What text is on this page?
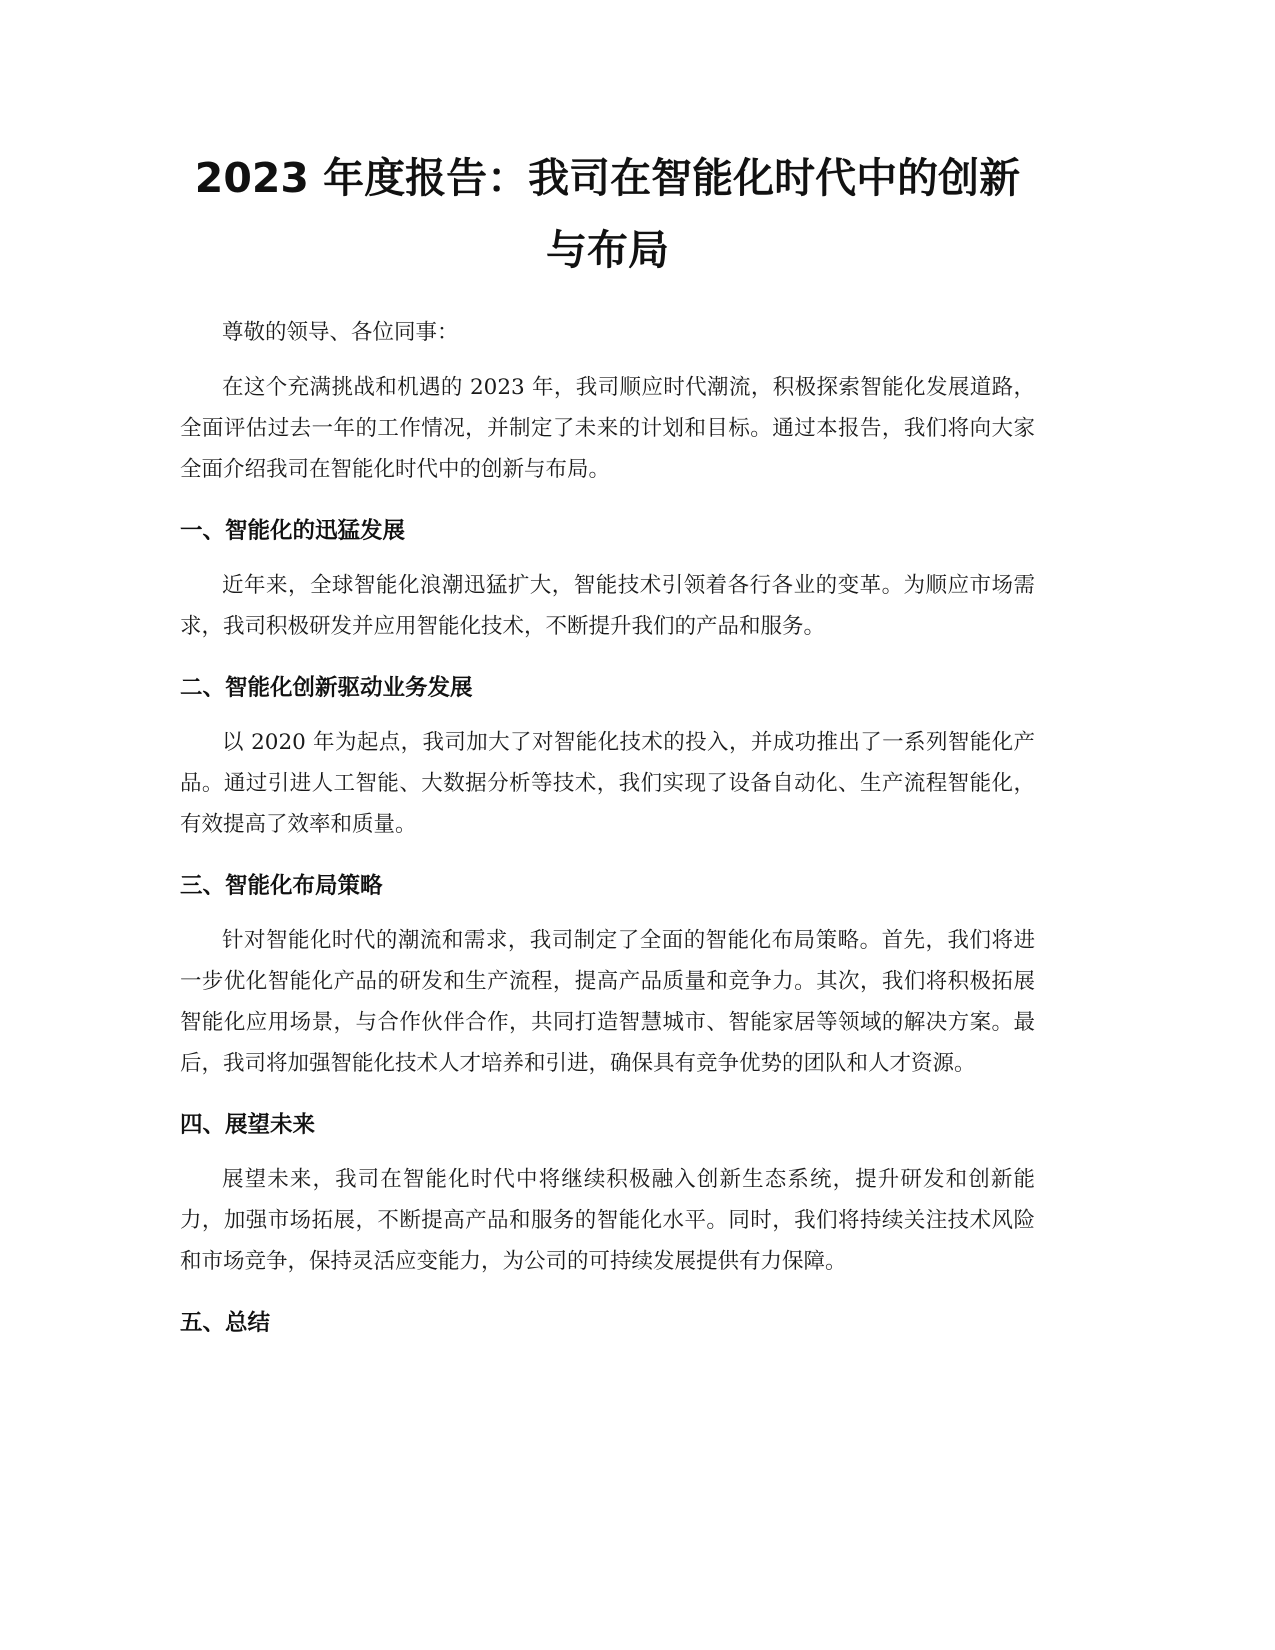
2023 年度报告：我司在智能化时代中的创新与布局

尊敬的领导、各位同事：

在这个充满挑战和机遇的 2023 年，我司顺应时代潮流，积极探索智能化发展道路，全面评估过去一年的工作情况，并制定了未来的计划和目标。通过本报告，我们将向大家全面介绍我司在智能化时代中的创新与布局。

一、智能化的迅猛发展

近年来，全球智能化浪潮迅猛扩大，智能技术引领着各行各业的变革。为顺应市场需求，我司积极研发并应用智能化技术，不断提升我们的产品和服务。

二、智能化创新驱动业务发展

以 2020 年为起点，我司加大了对智能化技术的投入，并成功推出了一系列智能化产品。通过引进人工智能、大数据分析等技术，我们实现了设备自动化、生产流程智能化，有效提高了效率和质量。

三、智能化布局策略

针对智能化时代的潮流和需求，我司制定了全面的智能化布局策略。首先，我们将进一步优化智能化产品的研发和生产流程，提高产品质量和竞争力。其次，我们将积极拓展智能化应用场景，与合作伙伴合作，共同打造智慧城市、智能家居等领域的解决方案。最后，我司将加强智能化技术人才培养和引进，确保具有竞争优势的团队和人才资源。

四、展望未来

展望未来，我司在智能化时代中将继续积极融入创新生态系统，提升研发和创新能力，加强市场拓展，不断提高产品和服务的智能化水平。同时，我们将持续关注技术风险和市场竞争，保持灵活应变能力，为公司的可持续发展提供有力保障。

五、总结
